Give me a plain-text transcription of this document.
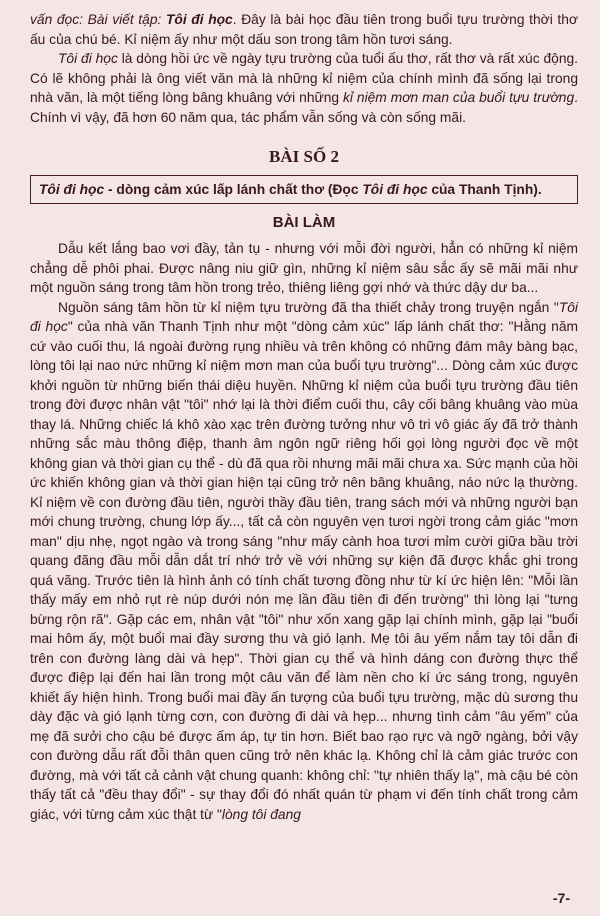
vấn đọc: Bài viết tập: Tôi đi học. Đây là bài học đầu tiên trong buổi tựu trường thời thơ ấu của chú bé. Kỉ niệm ấy như một dấu son trong tâm hồn tươi sáng.

Tôi đi học là dòng hồi ức về ngày tựu trường của tuổi ấu thơ, rất thơ và rất xúc động. Có lẽ không phải là ông viết văn mà là những kỉ niệm của chính mình đã sống lại trong nhà văn, là một tiếng lòng bâng khuâng với những kỉ niệm mơn man của buổi tựu trường. Chính vì vậy, đã hơn 60 năm qua, tác phẩm vẫn sống và còn sống mãi.

BÀI SỐ 2
Tôi đi học - dòng cảm xúc lấp lánh chất thơ (Đọc Tôi đi học của Thanh Tịnh).
BÀI LÀM

Dẫu kết lắng bao vơi đầy, tản tụ - nhưng với mỗi đời người, hẳn có những kỉ niệm chẳng dễ phôi phai. Được nâng niu giữ gìn, những kỉ niệm sâu sắc ấy sẽ mãi mãi như một nguồn sáng trong tâm hồn trong trẻo, thiêng liêng gợi nhớ và thức dậy dư ba...

Nguồn sáng tâm hồn từ kỉ niệm tựu trường đã tha thiết chảy trong truyện ngắn "Tôi đi học" của nhà văn Thanh Tịnh như một "dòng cảm xúc" lấp lánh chất thơ: "Hằng năm cứ vào cuối thu, lá ngoài đường rụng nhiều và trên không có những đám mây bàng bạc, lòng tôi lại nao nức những kỉ niệm mơn man của buổi tựu trường"... Dòng cảm xúc được khởi nguồn từ những biến thái diệu huyền. Những kỉ niệm của buổi tựu trường đầu tiên trong đời được nhân vật "tôi" nhớ lại là thời điểm cuối thu, cây cối bâng khuâng vào mùa thay lá. Những chiếc lá khô xào xạc trên đường tưởng như vô tri vô giác ấy đã trở thành những sắc màu thông điệp, thanh âm ngôn ngữ riêng hối gọi lòng người đọc về một không gian và thời gian cụ thể - dù đã qua rồi nhưng mãi mãi chưa xa. Sức mạnh của hồi ức khiến không gian và thời gian hiện tại cũng trở nên bâng khuâng, náo nức lạ thường. Kỉ niệm về con đường đầu tiên, người thầy đầu tiên, trang sách mới và những người bạn mới chung trường, chung lớp ấy..., tất cả còn nguyên vẹn tươi ngời trong cảm giác "mơn man" dịu nhẹ, ngọt ngào và trong sáng "như mấy cành hoa tươi mỉm cười giữa bầu trời quang đãng đầu mỗi dẫn dắt trí nhớ trở về với những sự kiện đã được khắc ghi trong quá vãng. Trước tiên là hình ảnh có tính chất tương đồng như từ kí ức hiện lên: "Mỗi lần thấy mấy em nhỏ rụt rè núp dưới nón mẹ lần đầu tiên đi đến trường" thì lòng lại "tưng bừng rộn rã". Gặp các em, nhân vật "tôi" như xốn xang gặp lại chính mình, gặp lại "buổi mai hôm ấy, một buổi mai đầy sương thu và gió lạnh. Mẹ tôi âu yếm nắm tay tôi dẫn đi trên con đường làng dài và hẹp". Thời gian cụ thể và hình dáng con đường thực thể được điệp lại đến hai lần trong một câu văn để làm nền cho kí ức sáng trong, nguyên khiết ấy hiện hình. Trong buổi mai đầy ấn tượng của buổi tựu trường, mặc dù sương thu dày đặc và gió lạnh từng cơn, con đường đi dài và hẹp... nhưng tình cảm "âu yếm" của mẹ đã sưởi cho cậu bé được ấm áp, tự tin hơn. Biết bao rạo rực và ngỡ ngàng, bởi vậy con đường dẫu rất đỗi thân quen cũng trở nên khác lạ. Không chỉ là cảm giác trước con đường, mà với tất cả cảnh vật chung quanh: không chỉ: "tự nhiên thấy lạ", mà cậu bé còn thấy tất cả "đều thay đổi" - sự thay đổi đó nhất quán từ phạm vi đến tính chất trong cảm giác, với từng cảm xúc thật từ "lòng tôi đang

-7-
